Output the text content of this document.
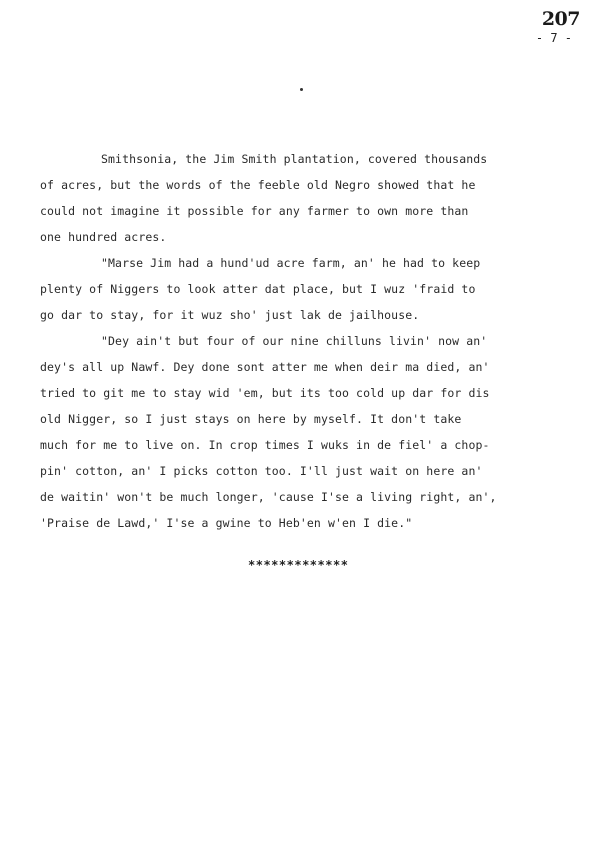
207
- 7 -
Smithsonia, the Jim Smith plantation, covered thousands
of acres, but the words of the feeble old Negro showed that he
could not imagine it possible for any farmer to own more than
one hundred acres.
"Marse Jim had a hund'ud acre farm, an' he had to keep
plenty of Niggers to look atter dat place, but I wuz 'fraid to
go dar to stay, for it wuz sho' just lak de jailhouse.
"Dey ain't but four of our nine chilluns livin' now an'
dey's all up Nawf. Dey done sont atter me when deir ma died, an'
tried to git me to stay wid 'em, but its too cold up dar for dis
old Nigger, so I just stays on here by myself. It don't take
much for me to live on. In crop times I wuks in de fiel' a chop-
pin' cotton, an' I picks cotton too. I'll just wait on here an'
de waitin' won't be much longer, 'cause I'se a living right, an',
'Praise de Lawd,' I'se a gwine to Heb'en w'en I die."
*************
